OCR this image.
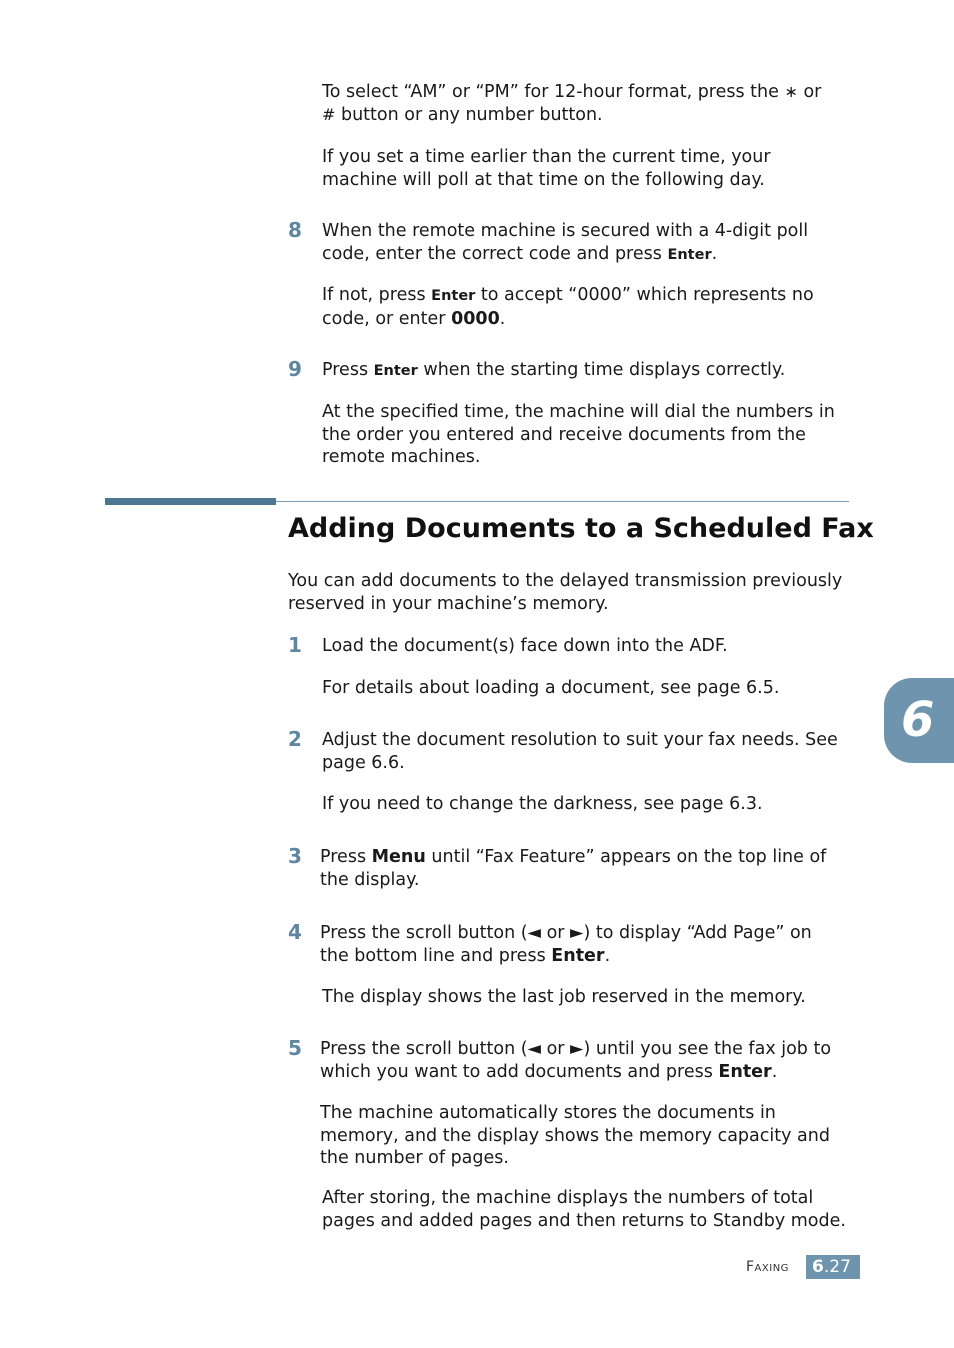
To select “AM” or “PM” for 12-hour format, press the ∗ or
# button or any number button.

If you set a time earlier than the current time, your machine will poll at that time on the following day.

8 When the remote machine is secured with a 4-digit poll code, enter the correct code and press Enter.

If not, press Enter to accept “0000” which represents no code, or enter 0000.

9 Press Enter when the starting time displays correctly.

At the specified time, the machine will dial the numbers in the order you entered and receive documents from the remote machines.

Adding Documents to a Scheduled Fax

You can add documents to the delayed transmission previously reserved in your machine’s memory.

1 Load the document(s) face down into the ADF.

For details about loading a document, see page 6.5.

2 Adjust the document resolution to suit your fax needs. See page 6.6.

If you need to change the darkness, see page 6.3.

3 Press Menu until “Fax Feature” appears on the top line of the display.

4 Press the scroll button (◄ or ►) to display “Add Page” on the bottom line and press Enter.

The display shows the last job reserved in the memory.

5 Press the scroll button (◄ or ►) until you see the fax job to which you want to add documents and press Enter.

The machine automatically stores the documents in memory, and the display shows the memory capacity and the number of pages.

After storing, the machine displays the numbers of total pages and added pages and then returns to Standby mode.

6
Faxing 6.27
